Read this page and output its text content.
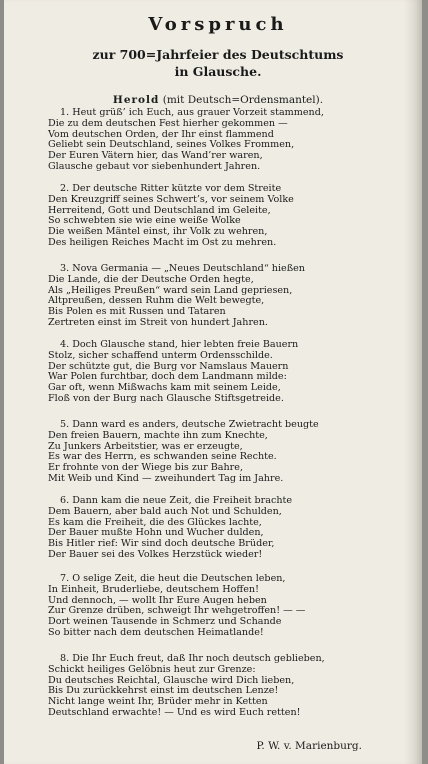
Vorspruch
zur 700=Jahrfeier des Deutschtums
in Glausche.
Herold (mit Deutsch=Ordensmantel).
1. Heut grüß’ ich Euch, aus grauer Vorzeit stammend,
Die zu dem deutschen Fest hierher gekommen —
Vom deutschen Orden, der Ihr einst flammend
Geliebt sein Deutschland, seines Volkes Frommen,
Der Euren Vätern hier, das Wand’rer waren,
Glausche gebaut vor siebenhundert Jahren.
2. Der deutsche Ritter kützte vor dem Streite
Den Kreuzgriff seines Schwert’s, vor seinem Volke
Herreitend, Gott und Deutschland im Geleite,
So schwebten sie wie eine weiße Wolke
Die weißen Mäntel einst, ihr Volk zu wehren,
Des heiligen Reiches Macht im Ost zu mehren.
3. Nova Germania — „Neues Deutschland“ hießen
Die Lande, die der Deutsche Orden hegte,
Als „Heiliges Preußen“ ward sein Land gepriesen,
Altpreußen, dessen Ruhm die Welt bewegte,
Bis Polen es mit Russen und Tataren
Zertreten einst im Streit von hundert Jahren.
4. Doch Glausche stand, hier lebten freie Bauern
Stolz, sicher schaffend unterm Ordensschilde.
Der schützte gut, die Burg vor Namslaus Mauern
War Polen furchtbar, doch dem Landmann milde:
Gar oft, wenn Mißwachs kam mit seinem Leide,
Floß von der Burg nach Glausche Stiftsgetreide.
5. Dann ward es anders, deutsche Zwietracht beugte
Den freien Bauern, machte ihn zum Knechte,
Zu Junkers Arbeitstier, was er erzeugte,
Es war des Herrn, es schwanden seine Rechte.
Er frohnte von der Wiege bis zur Bahre,
Mit Weib und Kind — zweihundert Tag im Jahre.
6. Dann kam die neue Zeit, die Freiheit brachte
Dem Bauern, aber bald auch Not und Schulden,
Es kam die Freiheit, die des Glückes lachte,
Der Bauer mußte Hohn und Wucher dulden,
Bis Hitler rief: Wir sind doch deutsche Brüder,
Der Bauer sei des Volkes Herzstück wieder!
7. O selige Zeit, die heut die Deutschen leben,
In Einheit, Bruderliebe, deutschem Hoffen!
Und dennoch, — wollt Ihr Eure Augen heben
Zur Grenze drüben, schweigt Ihr wehgetroffen! — —
Dort weinen Tausende in Schmerz und Schande
So bitter nach dem deutschen Heimatlande!
8. Die Ihr Euch freut, daß Ihr noch deutsch geblieben,
Schickt heiliges Gelöbnis heut zur Grenze:
Du deutsches Reichtal, Glausche wird Dich lieben,
Bis Du zurückkehrst einst im deutschen Lenze!
Nicht lange weint Ihr, Brüder mehr in Ketten
Deutschland erwachte! — Und es wird Euch retten!
P. W. v. Marienburg.
